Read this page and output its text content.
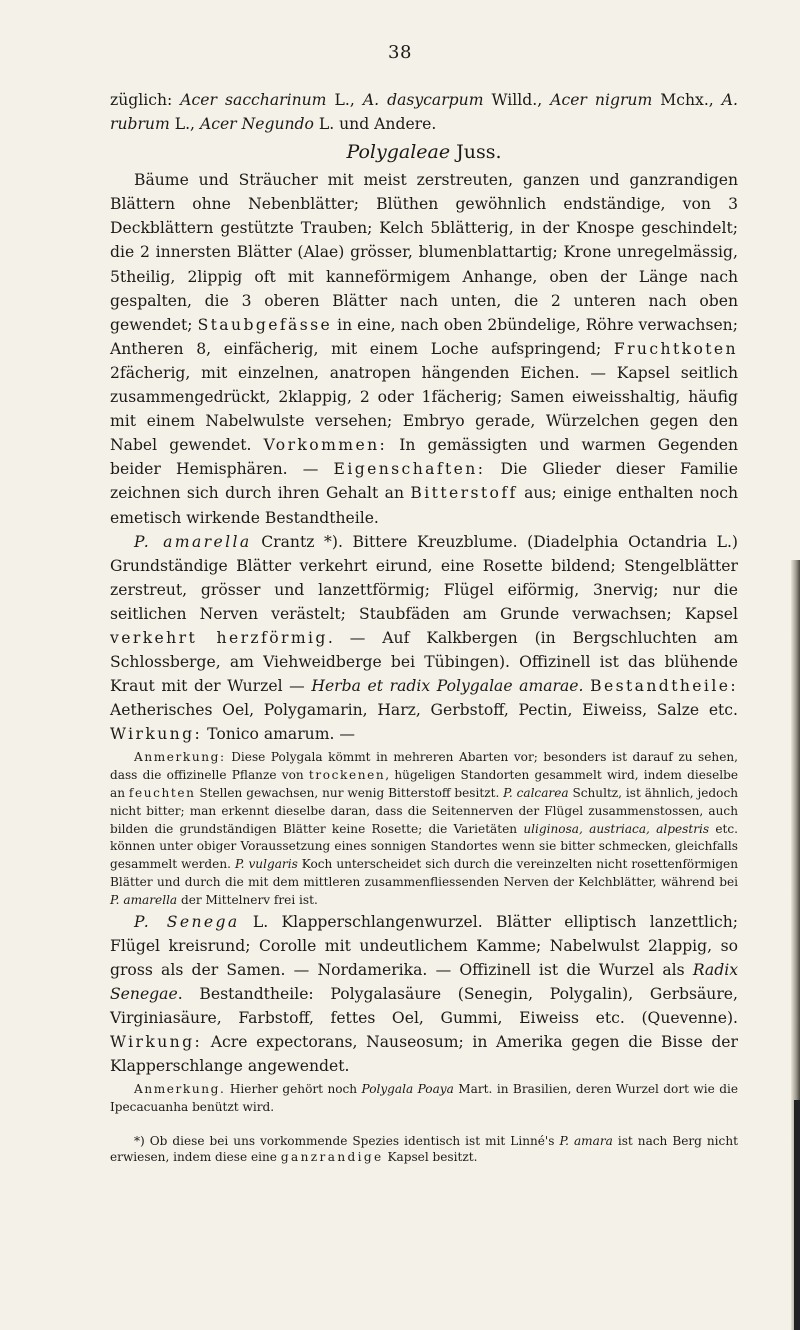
38

züglich: Acer saccharinum L., A. dasycarpum Willd., Acer nigrum Mchx., A. rubrum L., Acer Negundo L. und Andere.

Polygaleae Juss.

Bäume und Sträucher mit meist zerstreuten, ganzen und ganzrandigen Blättern ohne Nebenblätter; Blüthen gewöhnlich endständige, von 3 Deckblättern gestützte Trauben; Kelch 5blätterig, in der Knospe geschindelt; die 2 innersten Blätter (Alae) grösser, blumenblattartig; Krone unregelmässig, 5theilig, 2lippig oft mit kanneförmigem Anhange, oben der Länge nach gespalten, die 3 oberen Blätter nach unten, die 2 unteren nach oben gewendet; Staubgefässe in eine, nach oben 2bündelige, Röhre verwachsen; Antheren 8, einfächerig, mit einem Loche aufspringend; Fruchtkoten 2fächerig, mit einzelnen, anatropen hängenden Eichen. — Kapsel seitlich zusammengedrückt, 2klappig, 2 oder 1fächerig; Samen eiweisshaltig, häufig mit einem Nabelwulste versehen; Embryo gerade, Würzelchen gegen den Nabel gewendet. Vorkommen: In gemässigten und warmen Gegenden beider Hemisphären. — Eigenschaften: Die Glieder dieser Familie zeichnen sich durch ihren Gehalt an Bitterstoff aus; einige enthalten noch emetisch wirkende Bestandtheile.

P. amarella Crantz *). Bittere Kreuzblume. (Diadelphia Octandria L.) Grundständige Blätter verkehrt eirund, eine Rosette bildend; Stengelblätter zerstreut, grösser und lanzettförmig; Flügel eiförmig, 3nervig; nur die seitlichen Nerven verästelt; Staubfäden am Grunde verwachsen; Kapsel verkehrt herzförmig. — Auf Kalkbergen (in Bergschluchten am Schlossberge, am Viehweidberge bei Tübingen). Offizinell ist das blühende Kraut mit der Wurzel — Herba et radix Polygalae amarae. Bestandtheile: Aetherisches Oel, Polygamarin, Harz, Gerbstoff, Pectin, Eiweiss, Salze etc. Wirkung: Tonico amarum. —

Anmerkung: Diese Polygala kömmt in mehreren Abarten vor; besonders ist darauf zu sehen, dass die offizinelle Pflanze von trockenen, hügeligen Standorten gesammelt wird, indem dieselbe an feuchten Stellen gewachsen, nur wenig Bitterstoff besitzt. P. calcarea Schultz, ist ähnlich, jedoch nicht bitter; man erkennt dieselbe daran, dass die Seitennerven der Flügel zusammenstossen, auch bilden die grundständigen Blätter keine Rosette; die Varietäten uliginosa, austriaca, alpestris etc. können unter obiger Voraussetzung eines sonnigen Standortes wenn sie bitter schmecken, gleichfalls gesammelt werden. P. vulgaris Koch unterscheidet sich durch die vereinzelten nicht rosettenförmigen Blätter und durch die mit dem mittleren zusammenfliessenden Nerven der Kelchblätter, während bei P. amarella der Mittelnerv frei ist.

P. Senega L. Klapperschlangenwurzel. Blätter elliptisch lanzettlich; Flügel kreisrund; Corolle mit undeutlichem Kamme; Nabelwulst 2lappig, so gross als der Samen. — Nordamerika. — Offizinell ist die Wurzel als Radix Senegae. Bestandtheile: Polygalasäure (Senegin, Polygalin), Gerbsäure, Virginiasäure, Farbstoff, fettes Oel, Gummi, Eiweiss etc. (Quevenne). Wirkung: Acre expectorans, Nauseosum; in Amerika gegen die Bisse der Klapperschlange angewendet.

Anmerkung. Hierher gehört noch Polygala Poaya Mart. in Brasilien, deren Wurzel dort wie die Ipecacuanha benützt wird.

*) Ob diese bei uns vorkommende Spezies identisch ist mit Linné's P. amara ist nach Berg nicht erwiesen, indem diese eine ganzrandige Kapsel besitzt.
